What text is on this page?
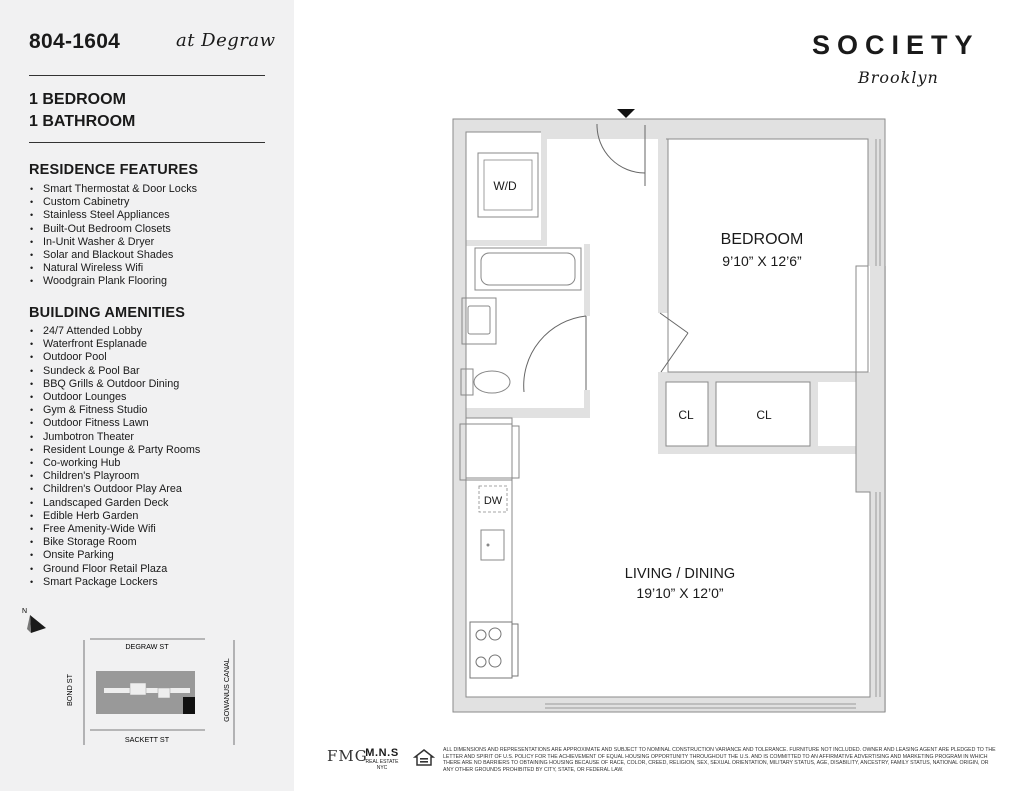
804-1604	at Degraw
1 BEDROOM
1 BATHROOM
RESIDENCE FEATURES
• Smart Thermostat & Door Locks
• Custom Cabinetry
• Stainless Steel Appliances
• Built-Out Bedroom Closets
• In-Unit Washer & Dryer
• Solar and Blackout Shades
• Natural Wireless Wifi
• Woodgrain Plank Flooring
BUILDING AMENITIES
• 24/7 Attended Lobby
• Waterfront Esplanade
• Outdoor Pool
• Sundeck & Pool Bar
• BBQ Grills & Outdoor Dining
• Outdoor Lounges
• Gym & Fitness Studio
• Outdoor Fitness Lawn
• Jumbotron Theater
• Resident Lounge & Party Rooms
• Co-working Hub
• Children's Playroom
• Children's Outdoor Play Area
• Landscaped Garden Deck
• Edible Herb Garden
• Free Amenity-Wide Wifi
• Bike Storage Room
• Onsite Parking
• Ground Floor Retail Plaza
• Smart Package Lockers
N
DEGRAW ST
SACKETT ST
BOND ST	GOWANUS CANAL
SOCIETY
Brooklyn
W/D
DW
BEDROOM
9’10” X 12’6”
CL	CL
LIVING / DINING
19’10” X 12’0”
FMG
M.N.S
REAL ESTATE
NYC
ALL DIMENSIONS AND REPRESENTATIONS ARE APPROXIMATE AND SUBJECT TO NOMINAL CONSTRUCTION VARIANCE AND TOLERANCE. FURNITURE NOT INCLUDED. OWNER AND LEASING AGENT ARE PLEDGED TO THE LETTER AND SPIRIT OF U.S. POLICY FOR THE ACHIEVEMENT OF EQUAL HOUSING OPPORTUNITY THROUGHOUT THE U.S. AND IS COMMITTED TO AN AFFIRMATIVE ADVERTISING AND MARKETING PROGRAM IN WHICH THERE ARE NO BARRIERS TO OBTAINING HOUSING BECAUSE OF RACE, COLOR, CREED, RELIGION, SEX, SEXUAL ORIENTATION, MILITARY STATUS, AGE, DISABILITY, ANCESTRY, FAMILY STATUS, NATIONAL ORIGIN, OR ANY OTHER GROUNDS PROHIBITED BY CITY, STATE, OR FEDERAL LAW.
